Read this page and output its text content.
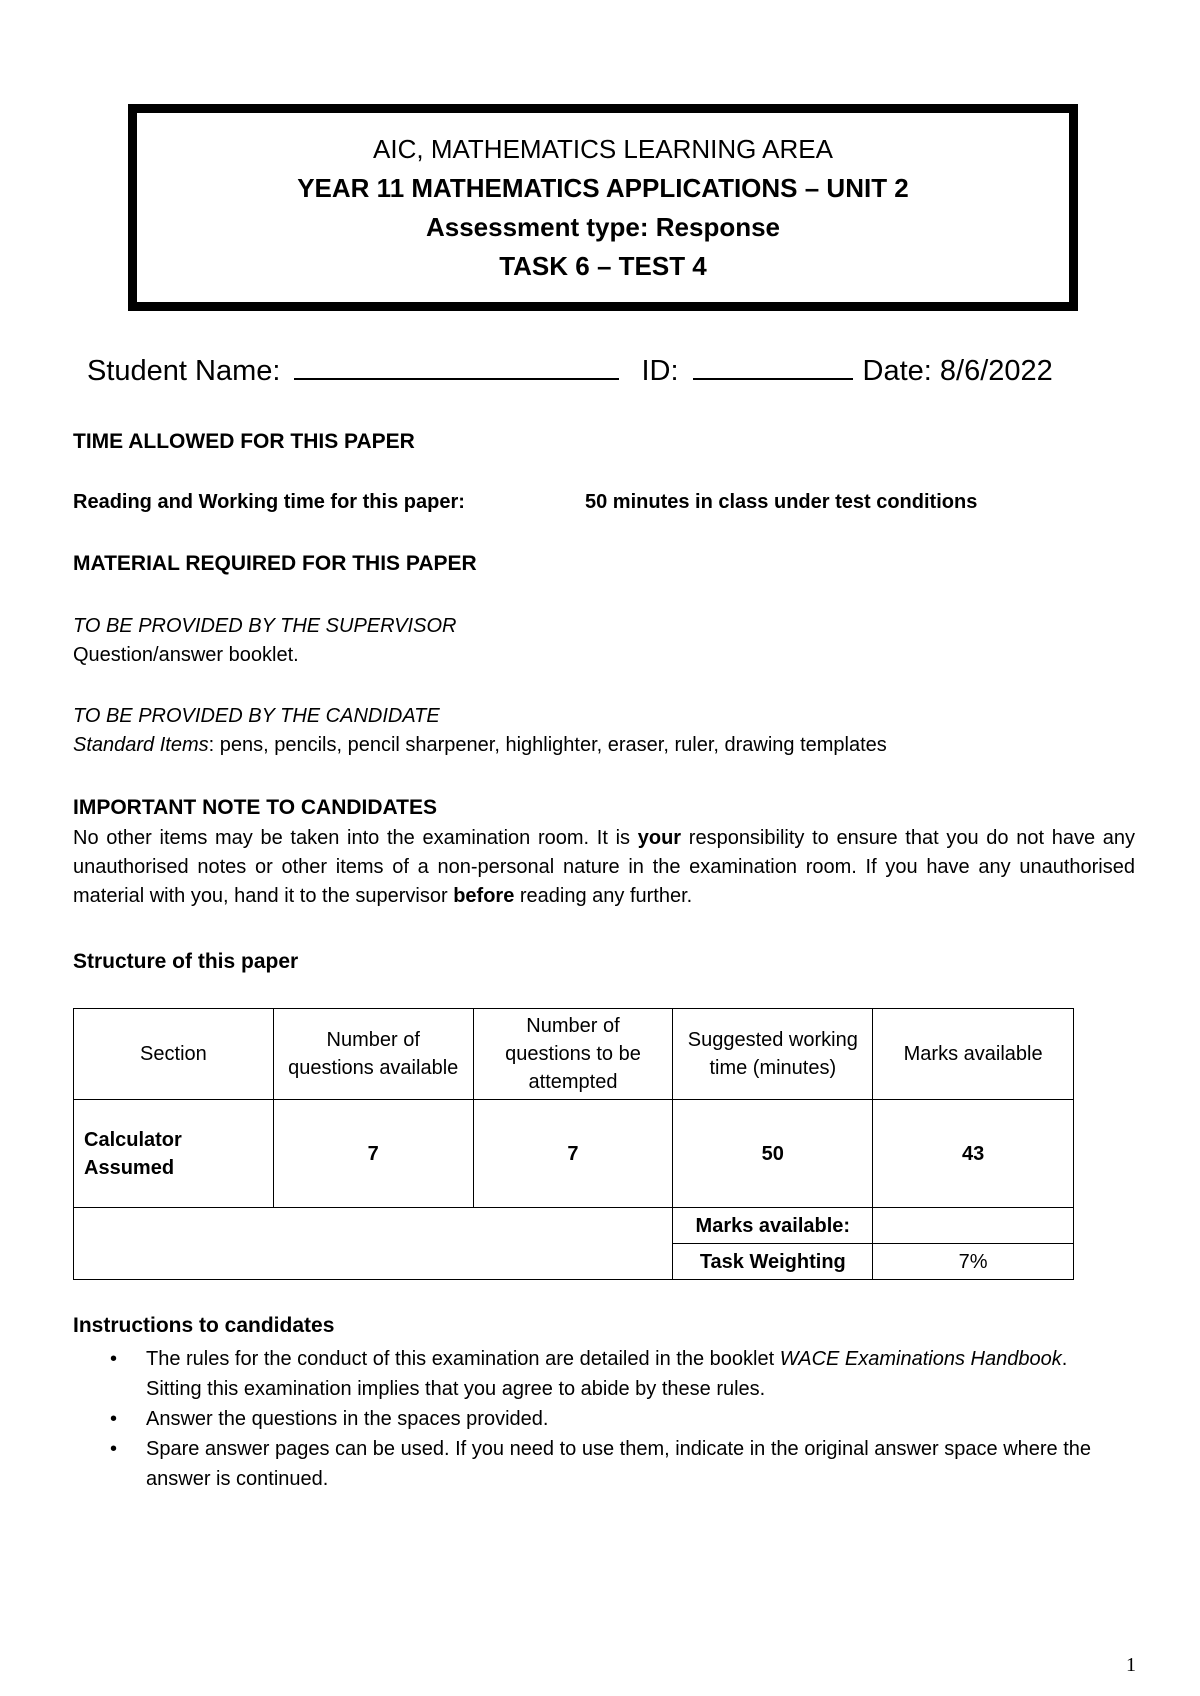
AIC, MATHEMATICS LEARNING AREA
YEAR 11 MATHEMATICS APPLICATIONS – UNIT 2
Assessment type: Response
TASK 6 – TEST 4
Student Name:	ID:	Date: 8/6/2022
TIME ALLOWED FOR THIS PAPER
Reading and Working time for this paper:	50 minutes in class under test conditions
MATERIAL REQUIRED FOR THIS PAPER
TO BE PROVIDED BY THE SUPERVISOR
Question/answer booklet.
TO BE PROVIDED BY THE CANDIDATE
Standard Items: pens, pencils, pencil sharpener, highlighter, eraser, ruler, drawing templates
IMPORTANT NOTE TO CANDIDATES
No other items may be taken into the examination room. It is your responsibility to ensure that you do not have any unauthorised notes or other items of a non-personal nature in the examination room. If you have any unauthorised material with you, hand it to the supervisor before reading any further.
Structure of this paper
Section	Number of questions available	Number of questions to be attempted	Suggested working time (minutes)	Marks available
Calculator Assumed	7	7	50	43
			Marks available:	
			Task Weighting	7%
Instructions to candidates
• The rules for the conduct of this examination are detailed in the booklet WACE Examinations Handbook. Sitting this examination implies that you agree to abide by these rules.
• Answer the questions in the spaces provided.
• Spare answer pages can be used. If you need to use them, indicate in the original answer space where the answer is continued.
1
